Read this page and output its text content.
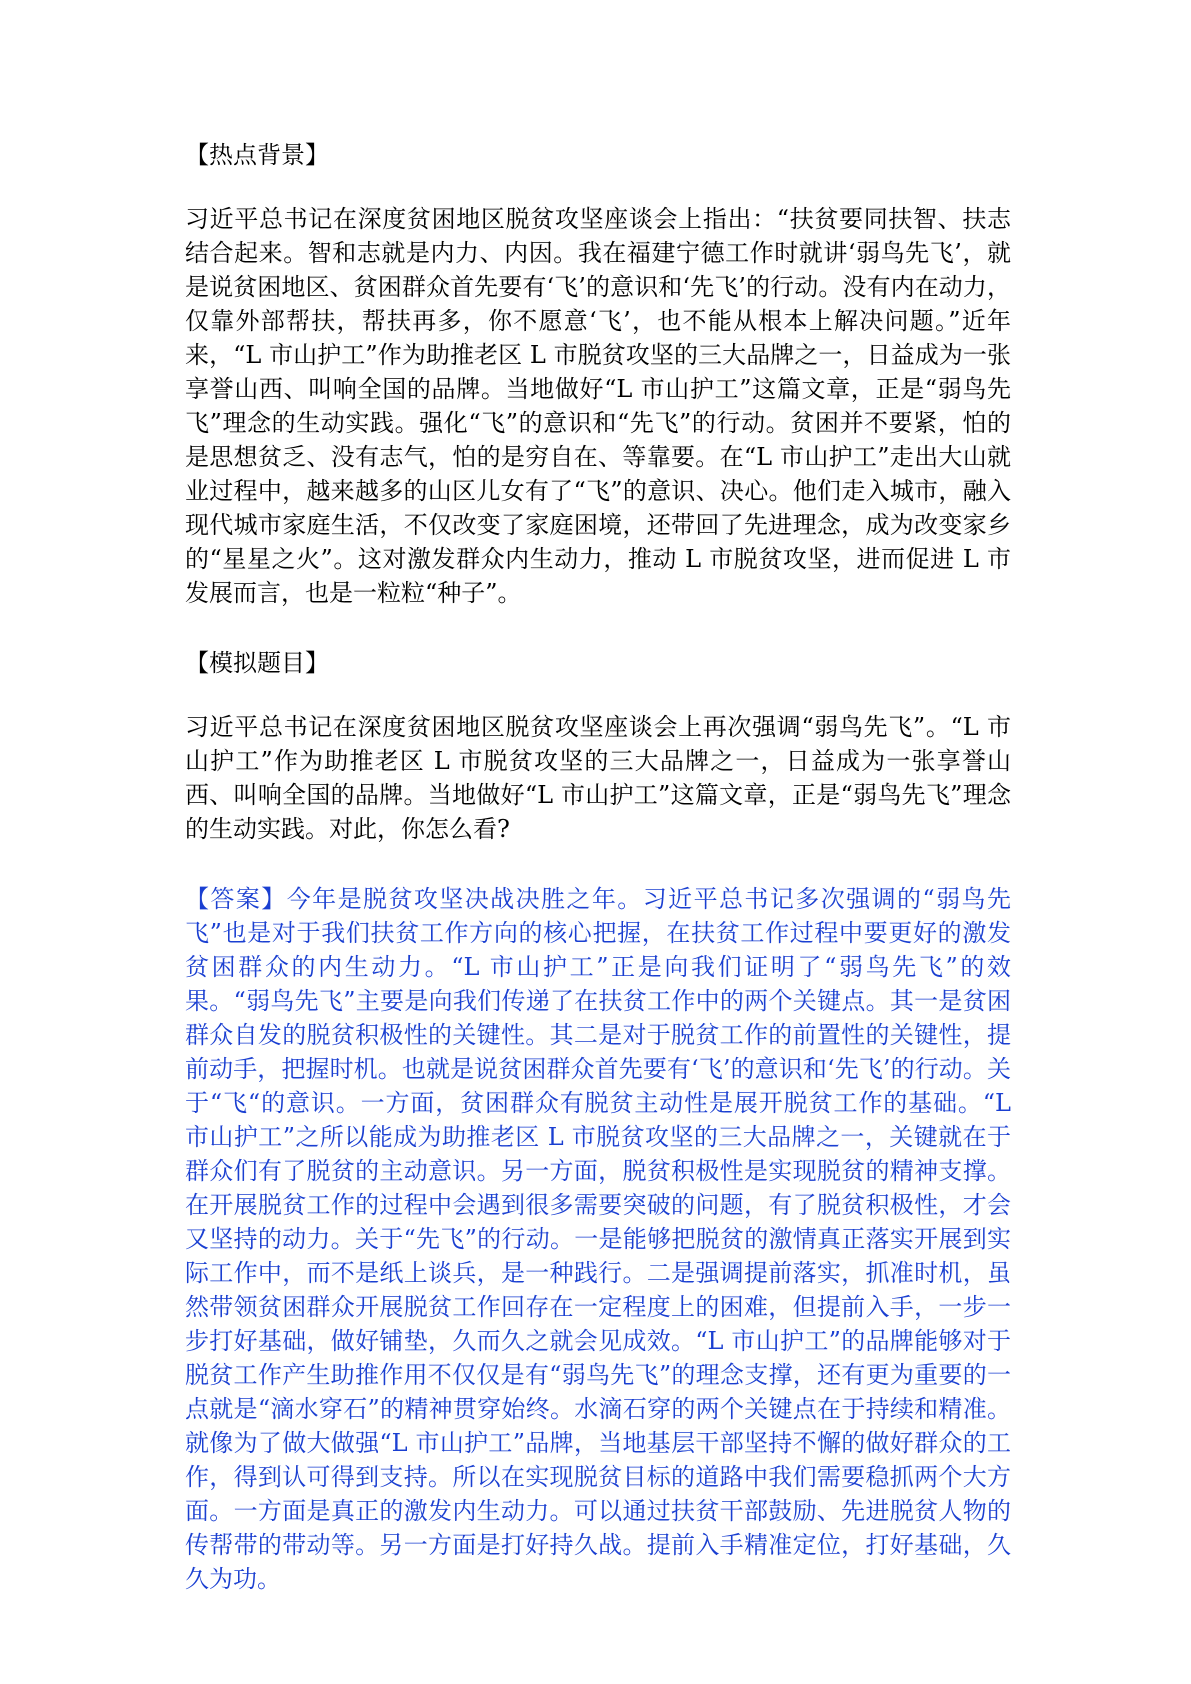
【热点背景】

习近平总书记在深度贫困地区脱贫攻坚座谈会上指出：“扶贫要同扶智、扶志结合起来。智和志就是内力、内因。我在福建宁德工作时就讲‘弱鸟先飞’，就是说贫困地区、贫困群众首先要有‘飞’的意识和‘先飞’的行动。没有内在动力，仅靠外部帮扶，帮扶再多，你不愿意‘飞’，也不能从根本上解决问题。”近年来，“L 市山护工”作为助推老区 L 市脱贫攻坚的三大品牌之一，日益成为一张享誉山西、叫响全国的品牌。当地做好“L 市山护工”这篇文章，正是“弱鸟先飞”理念的生动实践。强化“飞”的意识和“先飞”的行动。贫困并不要紧，怕的是思想贫乏、没有志气，怕的是穷自在、等靠要。在“L 市山护工”走出大山就业过程中，越来越多的山区儿女有了“飞”的意识、决心。他们走入城市，融入现代城市家庭生活，不仅改变了家庭困境，还带回了先进理念，成为改变家乡的“星星之火”。这对激发群众内生动力，推动 L 市脱贫攻坚，进而促进 L 市发展而言，也是一粒粒“种子”。

【模拟题目】

习近平总书记在深度贫困地区脱贫攻坚座谈会上再次强调“弱鸟先飞”。“L 市山护工”作为助推老区 L 市脱贫攻坚的三大品牌之一，日益成为一张享誉山西、叫响全国的品牌。当地做好“L 市山护工”这篇文章，正是“弱鸟先飞”理念的生动实践。对此，你怎么看?

【答案】今年是脱贫攻坚决战决胜之年。习近平总书记多次强调的“弱鸟先飞”也是对于我们扶贫工作方向的核心把握，在扶贫工作过程中要更好的激发贫困群众的内生动力。“L 市山护工”正是向我们证明了“弱鸟先飞”的效果。“弱鸟先飞”主要是向我们传递了在扶贫工作中的两个关键点。其一是贫困群众自发的脱贫积极性的关键性。其二是对于脱贫工作的前置性的关键性，提前动手，把握时机。也就是说贫困群众首先要有‘飞’的意识和‘先飞’的行动。关于“飞“的意识。一方面，贫困群众有脱贫主动性是展开脱贫工作的基础。“L 市山护工”之所以能成为助推老区 L 市脱贫攻坚的三大品牌之一，关键就在于群众们有了脱贫的主动意识。另一方面，脱贫积极性是实现脱贫的精神支撑。在开展脱贫工作的过程中会遇到很多需要突破的问题，有了脱贫积极性，才会又坚持的动力。关于“先飞”的行动。一是能够把脱贫的激情真正落实开展到实际工作中，而不是纸上谈兵，是一种践行。二是强调提前落实，抓准时机，虽然带领贫困群众开展脱贫工作回存在一定程度上的困难，但提前入手，一步一步打好基础，做好铺垫，久而久之就会见成效。“L 市山护工”的品牌能够对于脱贫工作产生助推作用不仅仅是有“弱鸟先飞”的理念支撑，还有更为重要的一点就是“滴水穿石”的精神贯穿始终。水滴石穿的两个关键点在于持续和精准。就像为了做大做强“L 市山护工”品牌，当地基层干部坚持不懈的做好群众的工作，得到认可得到支持。所以在实现脱贫目标的道路中我们需要稳抓两个大方面。一方面是真正的激发内生动力。可以通过扶贫干部鼓励、先进脱贫人物的传帮带的带动等。另一方面是打好持久战。提前入手精准定位，打好基础，久久为功。
